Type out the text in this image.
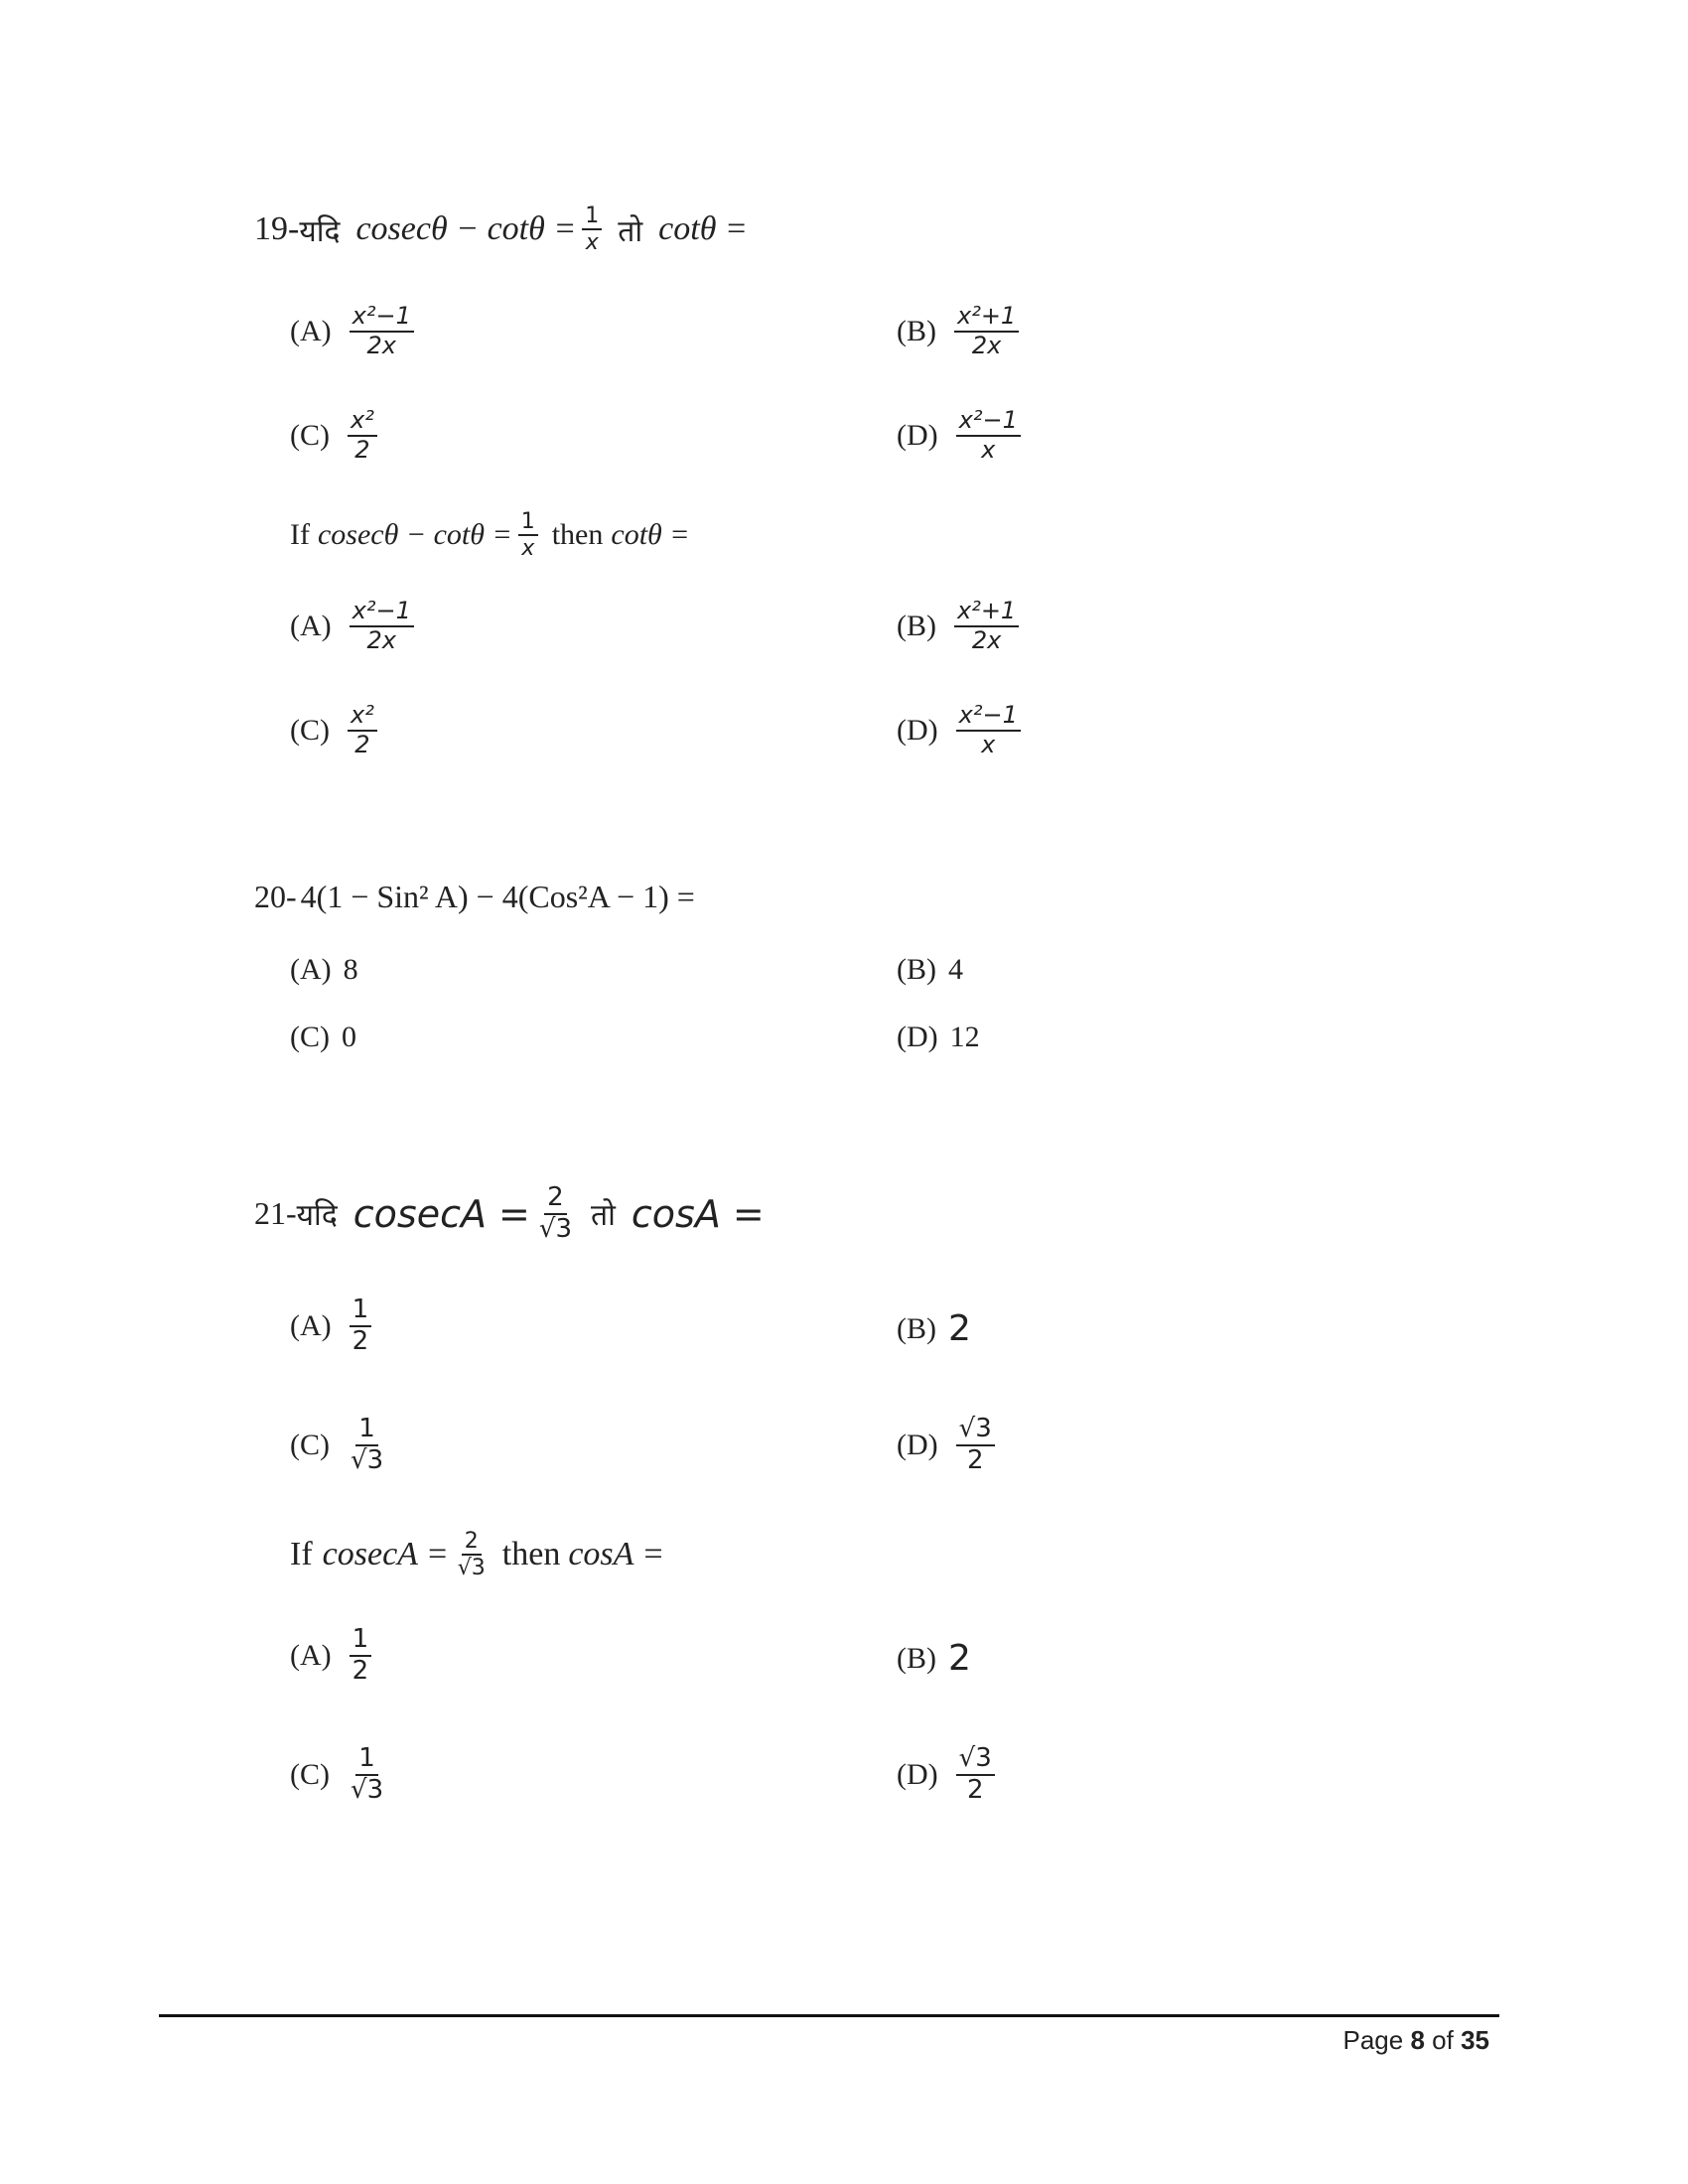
19- यदि $cosec\theta - \cot\theta = \frac{1}{x}$ तो cotθ =
$(A) \frac{\text{x²−1}}{2x}$	$(B) \frac{\text{x²+1}}{2x}$
$(C) \frac{\text{x²}}{2}$	$(D) \frac{\text{x²−1}}{x}$
If $cosec\theta - \cot\theta = \frac{1}{x}$ then cotθ =
$(A) \frac{\text{x²−1}}{2x}$	$(B) \frac{\text{x²+1}}{2x}$
$(C) \frac{\text{x²}}{2}$	$(D) \frac{\text{x²−1}}{x}$
20- 4(1 − Sin² A) − 4(Cos²A − 1) =
(A) 8	(B) 4
(C) 0	(D) 12
21- यदि $cosecA = \frac{2}{√3}$ तो cosA =
$(A) \frac{1}{2}$	(B) 2
$(C) \frac{1}{√3}$	$(D) \frac{√3}{2}$
If $cosecA = \frac{2}{√3}$ then cosA =
$(A) \frac{1}{2}$	(B) 2
$(C) \frac{1}{√3}$	$(D) \frac{√3}{2}$
Page 8 of 35
